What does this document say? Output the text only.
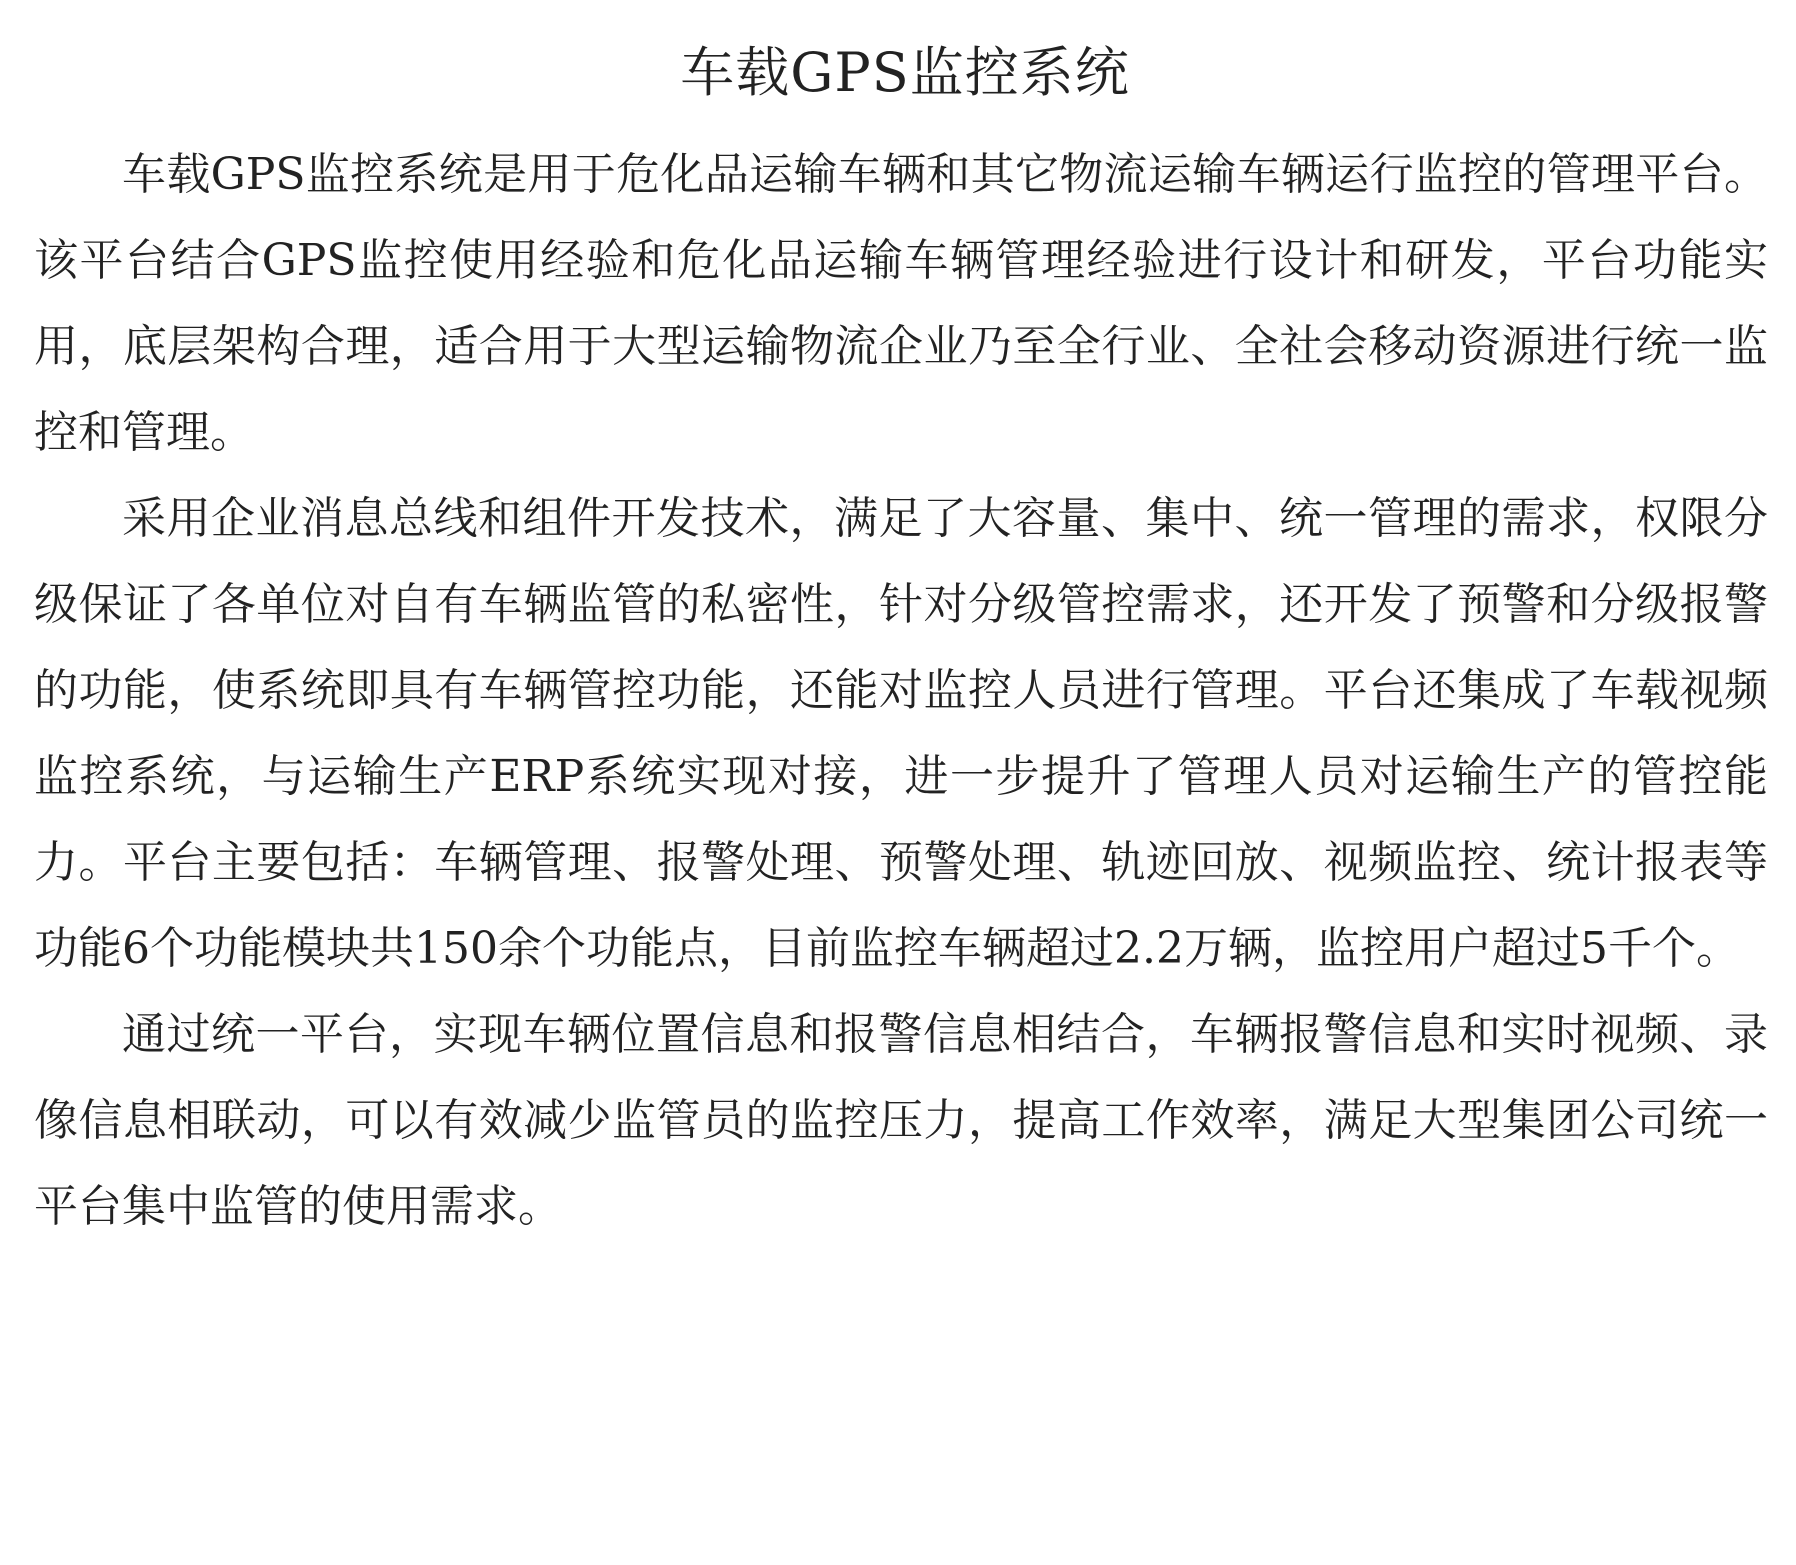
车载GPS监控系统

车载GPS监控系统是用于危化品运输车辆和其它物流运输车辆运行监控的管理平台。该平台结合GPS监控使用经验和危化品运输车辆管理经验进行设计和研发，平台功能实用，底层架构合理，适合用于大型运输物流企业乃至全行业、全社会移动资源进行统一监控和管理。

采用企业消息总线和组件开发技术，满足了大容量、集中、统一管理的需求，权限分级保证了各单位对自有车辆监管的私密性，针对分级管控需求，还开发了预警和分级报警的功能，使系统即具有车辆管控功能，还能对监控人员进行管理。平台还集成了车载视频监控系统，与运输生产ERP系统实现对接，进一步提升了管理人员对运输生产的管控能力。平台主要包括：车辆管理、报警处理、预警处理、轨迹回放、视频监控、统计报表等功能6个功能模块共150余个功能点，目前监控车辆超过2.2万辆，监控用户超过5千个。

通过统一平台，实现车辆位置信息和报警信息相结合，车辆报警信息和实时视频、录像信息相联动，可以有效减少监管员的监控压力，提高工作效率，满足大型集团公司统一平台集中监管的使用需求。
